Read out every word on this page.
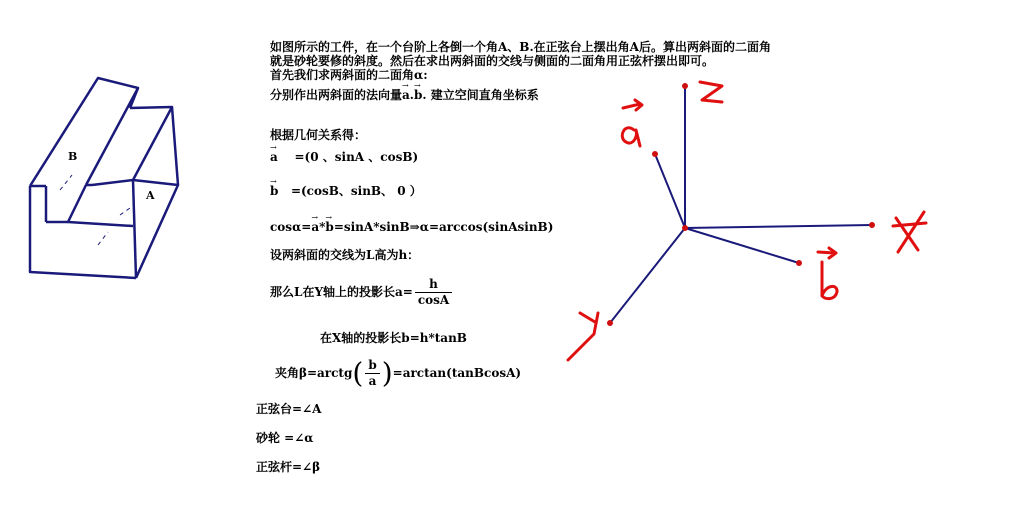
B
A
如图所示的工件，在一个台阶上各倒一个角A、B.在正弦台上摆出角A后。算出两斜面的二面角
就是砂轮要修的斜度。然后在求出两斜面的交线与侧面的二面角用正弦杆摆出即可。
首先我们求两斜面的二面角α:
分别作出两斜面的法向量→ a.→ b. 建立空间直角坐标系
根据几何关系得：
→ a =(0 、sinA 、cosB)
→ b =(cosB、sinB、 0 ）
cosα=→ a*→ b=sinA*sinB⇒α=arccos(sinAsinB)
设两斜面的交线为L高为h：
那么L在Y轴上的投影长$a= \frac{h}{\cos A}$
在X轴的投影长b=h*tanB
夹角β=arctg( $\frac{b}{a}$ )=arctan(tanBcosA)
正弦台=∠A
砂轮 =∠α
正弦杆=∠β
